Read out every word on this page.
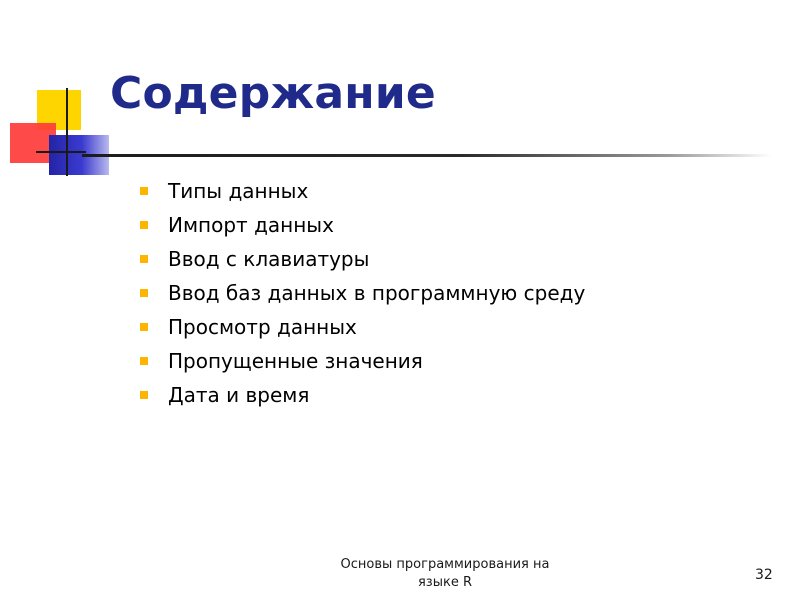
Содержание
Типы данных
Импорт данных
Ввод с клавиатуры
Ввод баз данных в программную среду
Просмотр данных
Пропущенные значения
Дата и время
Основы программирования на
языке R	32
